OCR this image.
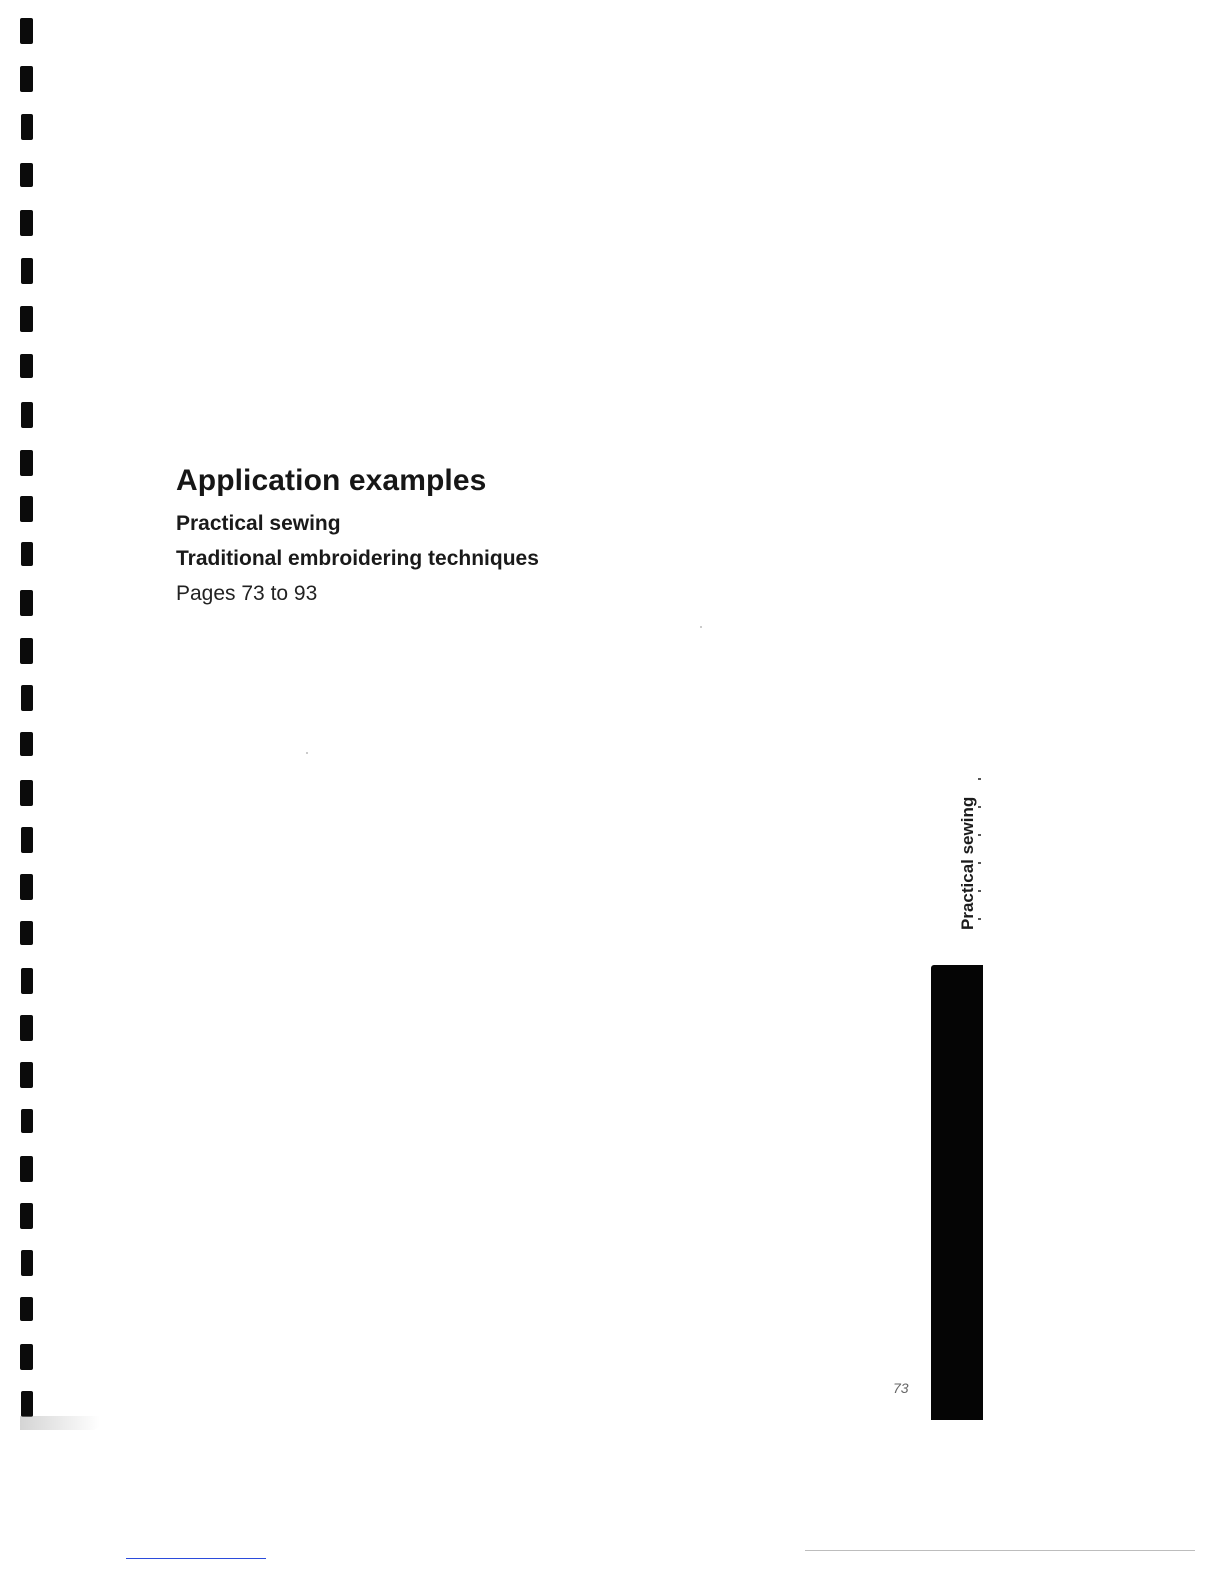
Application examples
Practical sewing
Traditional embroidering techniques
Pages 73 to 93
Practical sewing
73
